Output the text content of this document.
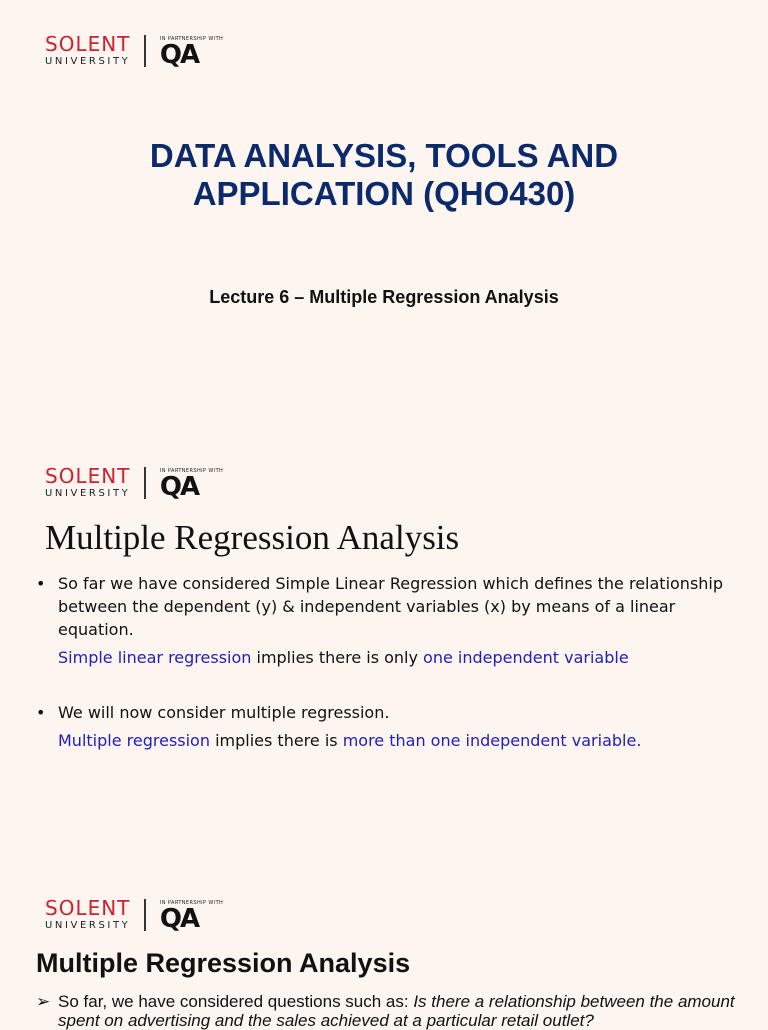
SOLENT
UNIVERSITY
IN PARTNERSHIP WITH
QA
DATA ANALYSIS, TOOLS AND
APPLICATION (QHO430)
Lecture 6 – Multiple Regression Analysis
SOLENT
UNIVERSITY
IN PARTNERSHIP WITH
QA
Multiple Regression Analysis
• So far we have considered Simple Linear Regression which defines the relationship between the dependent (y) & independent variables (x) by means of a linear equation.
Simple linear regression implies there is only one independent variable
• We will now consider multiple regression.
Multiple regression implies there is more than one independent variable.
SOLENT
UNIVERSITY
IN PARTNERSHIP WITH
QA
Multiple Regression Analysis
➢ So far, we have considered questions such as: Is there a relationship between the amount spent on advertising and the sales achieved at a particular retail outlet?
